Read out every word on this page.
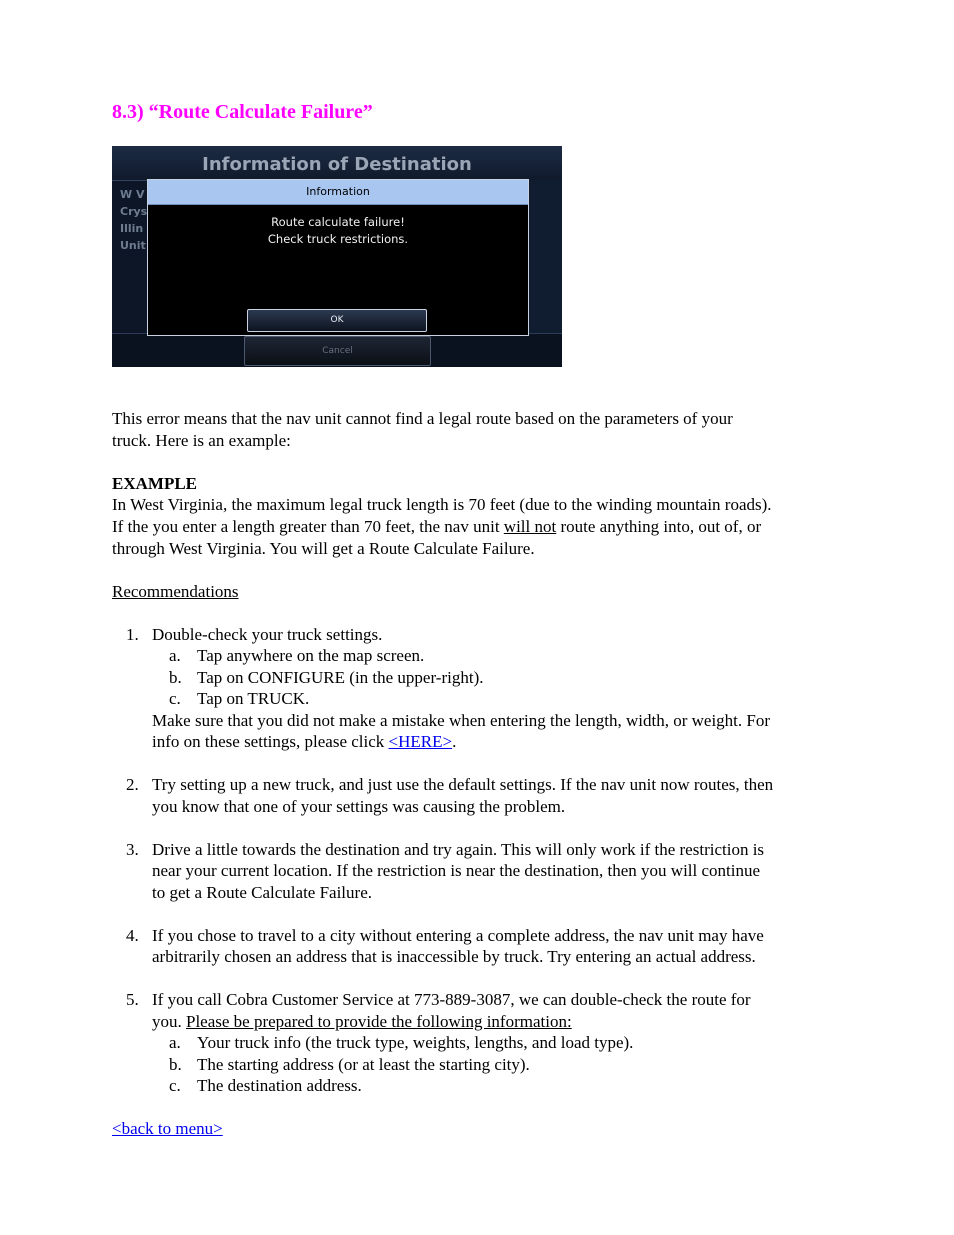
8.3) “Route Calculate Failure”
Information of Destination
W V
Crys
Illin
Unit
Cancel
Information
Route calculate failure!
Check truck restrictions.
OK
This error means that the nav unit cannot find a legal route based on the parameters of your
truck. Here is an example:
EXAMPLE
In West Virginia, the maximum legal truck length is 70 feet (due to the winding mountain roads).
If the you enter a length greater than 70 feet, the nav unit will not route anything into, out of, or
through West Virginia. You will get a Route Calculate Failure.
Recommendations
1. Double-check your truck settings.
a. Tap anywhere on the map screen.
b. Tap on CONFIGURE (in the upper-right).
c. Tap on TRUCK.
Make sure that you did not make a mistake when entering the length, width, or weight. For
info on these settings, please click <HERE>.
2. Try setting up a new truck, and just use the default settings. If the nav unit now routes, then
you know that one of your settings was causing the problem.
3. Drive a little towards the destination and try again. This will only work if the restriction is
near your current location. If the restriction is near the destination, then you will continue
to get a Route Calculate Failure.
4. If you chose to travel to a city without entering a complete address, the nav unit may have
arbitrarily chosen an address that is inaccessible by truck. Try entering an actual address.
5. If you call Cobra Customer Service at 773-889-3087, we can double-check the route for
you. Please be prepared to provide the following information:
a. Your truck info (the truck type, weights, lengths, and load type).
b. The starting address (or at least the starting city).
c. The destination address.
<back to menu>
